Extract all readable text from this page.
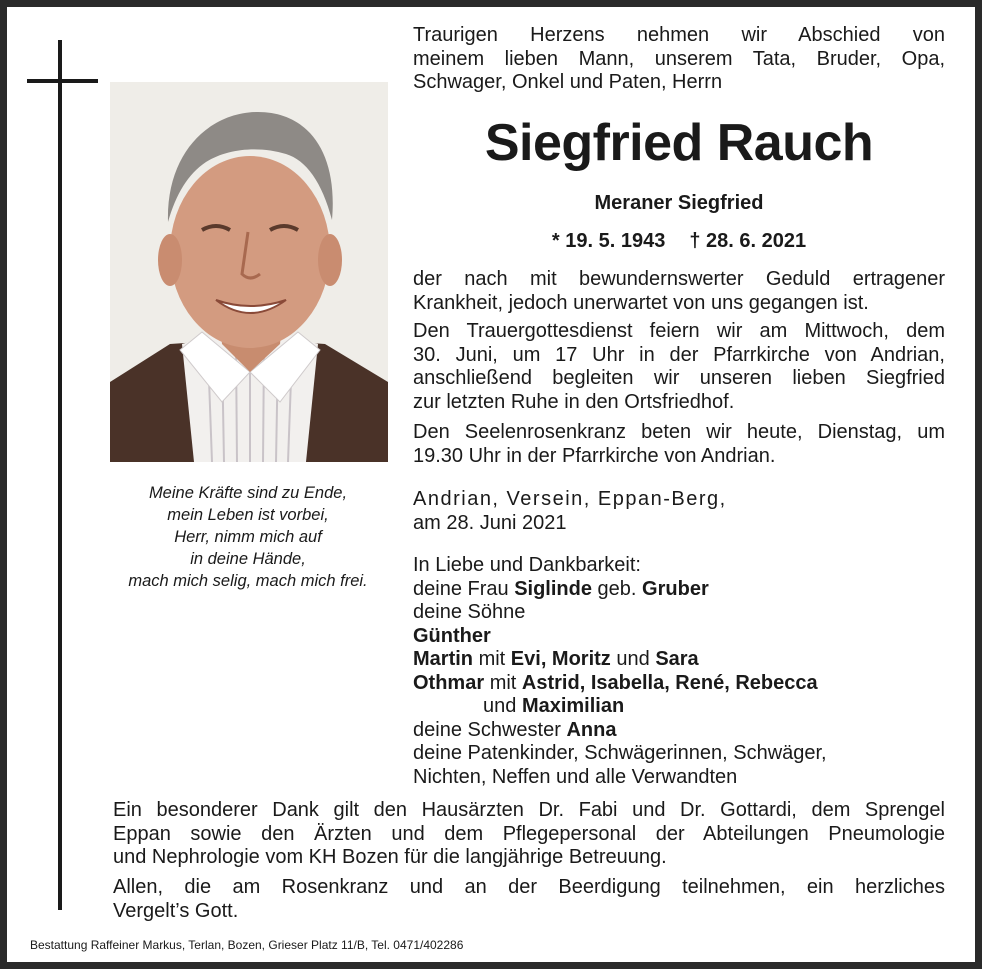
Meine Kräfte sind zu Ende,
mein Leben ist vorbei,
Herr, nimm mich auf
in deine Hände,
mach mich selig, mach mich frei.
Traurigen Herzens nehmen wir Abschied von
meinem lieben Mann, unserem Tata, Bruder, Opa,
Schwager, Onkel und Paten, Herrn
Siegfried Rauch
Meraner Siegfried
* 19. 5. 1943 † 28. 6. 2021
der nach mit bewundernswerter Geduld ertragener
Krankheit, jedoch unerwartet von uns gegangen ist.
Den Trauergottesdienst feiern wir am Mittwoch, dem
30. Juni, um 17 Uhr in der Pfarrkirche von Andrian,
anschließend begleiten wir unseren lieben Siegfried
zur letzten Ruhe in den Ortsfriedhof.
Den Seelenrosenkranz beten wir heute, Dienstag, um
19.30 Uhr in der Pfarrkirche von Andrian.
Andrian, Versein, Eppan-Berg,
am 28. Juni 2021
In Liebe und Dankbarkeit:
deine Frau Siglinde geb. Gruber
deine Söhne
Günther
Martin mit Evi, Moritz und Sara
Othmar mit Astrid, Isabella, René, Rebecca
und Maximilian
deine Schwester Anna
deine Patenkinder, Schwägerinnen, Schwäger,
Nichten, Neffen und alle Verwandten
Ein besonderer Dank gilt den Hausärzten Dr. Fabi und Dr. Gottardi, dem Sprengel
Eppan sowie den Ärzten und dem Pflegepersonal der Abteilungen Pneumologie
und Nephrologie vom KH Bozen für die langjährige Betreuung.
Allen, die am Rosenkranz und an der Beerdigung teilnehmen, ein herzliches
Vergelt’s Gott.
Bestattung Raffeiner Markus, Terlan, Bozen, Grieser Platz 11/B, Tel. 0471/402286
